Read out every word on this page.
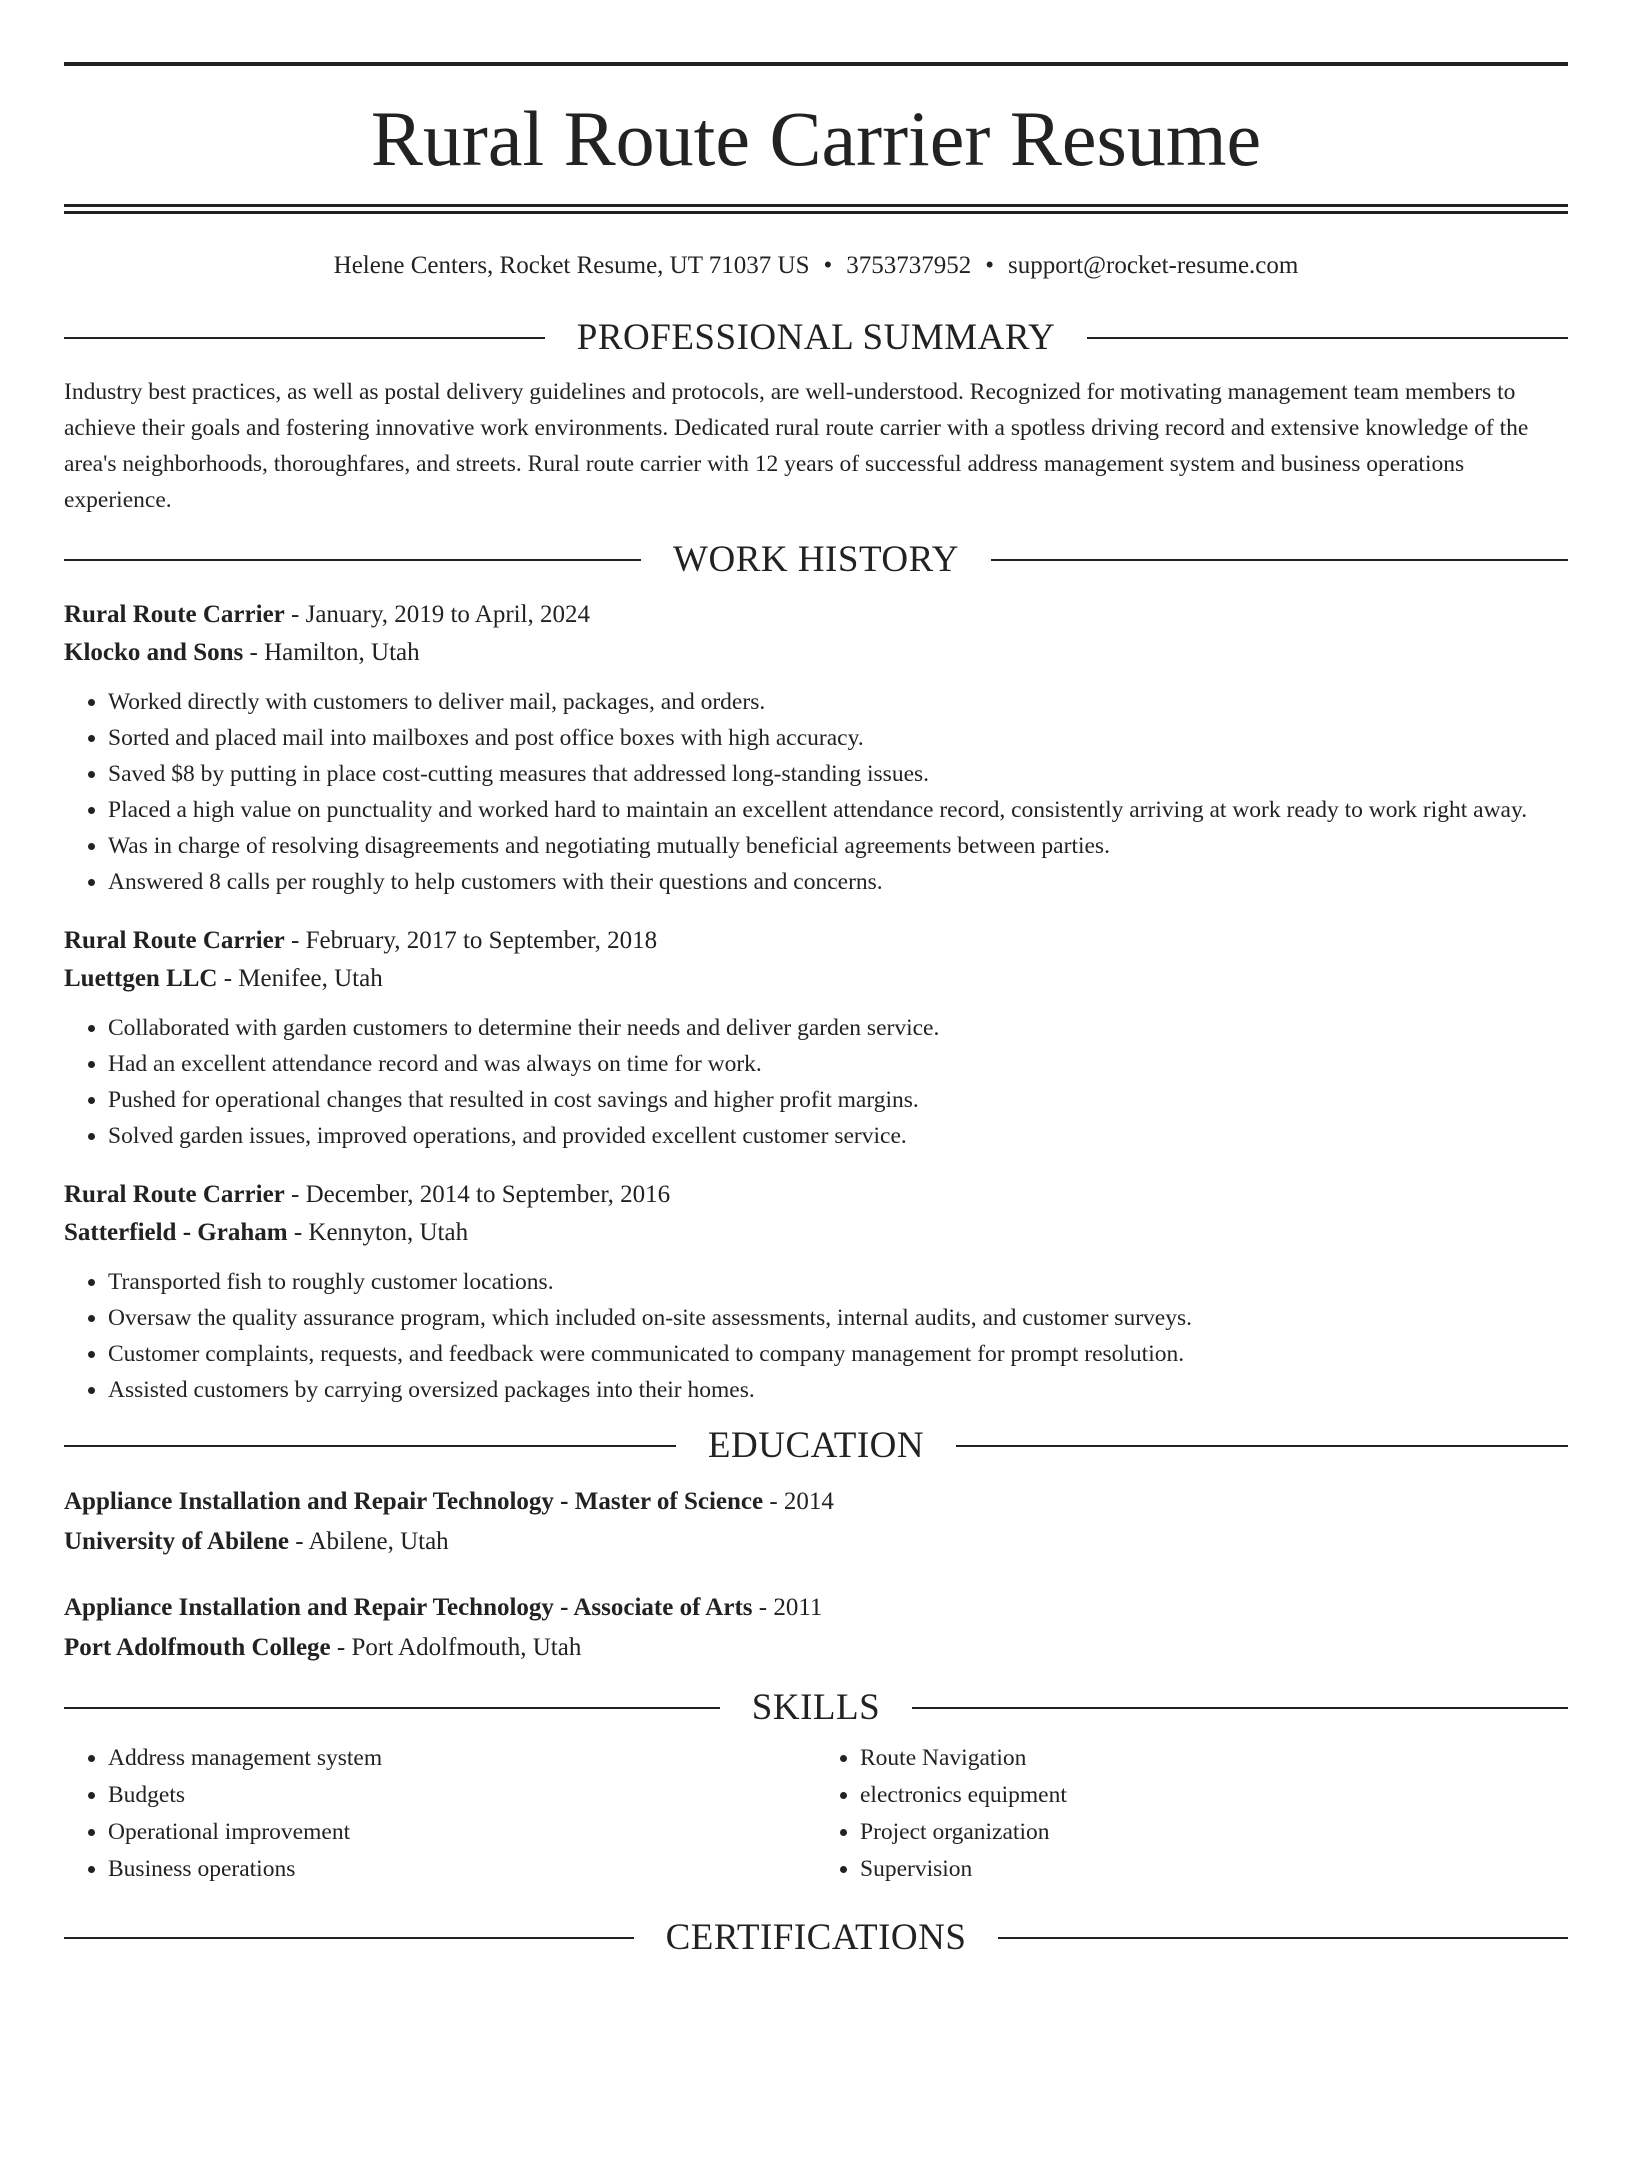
Rural Route Carrier Resume
Helene Centers, Rocket Resume, UT 71037 US • 3753737952 • support@rocket-resume.com
PROFESSIONAL SUMMARY
Industry best practices, as well as postal delivery guidelines and protocols, are well-understood. Recognized for motivating management team members to achieve their goals and fostering innovative work environments. Dedicated rural route carrier with a spotless driving record and extensive knowledge of the area's neighborhoods, thoroughfares, and streets. Rural route carrier with 12 years of successful address management system and business operations experience.
WORK HISTORY
Rural Route Carrier - January, 2019 to April, 2024
Klocko and Sons - Hamilton, Utah
• Worked directly with customers to deliver mail, packages, and orders.
• Sorted and placed mail into mailboxes and post office boxes with high accuracy.
• Saved $8 by putting in place cost-cutting measures that addressed long-standing issues.
• Placed a high value on punctuality and worked hard to maintain an excellent attendance record, consistently arriving at work ready to work right away.
• Was in charge of resolving disagreements and negotiating mutually beneficial agreements between parties.
• Answered 8 calls per roughly to help customers with their questions and concerns.
Rural Route Carrier - February, 2017 to September, 2018
Luettgen LLC - Menifee, Utah
• Collaborated with garden customers to determine their needs and deliver garden service.
• Had an excellent attendance record and was always on time for work.
• Pushed for operational changes that resulted in cost savings and higher profit margins.
• Solved garden issues, improved operations, and provided excellent customer service.
Rural Route Carrier - December, 2014 to September, 2016
Satterfield - Graham - Kennyton, Utah
• Transported fish to roughly customer locations.
• Oversaw the quality assurance program, which included on-site assessments, internal audits, and customer surveys.
• Customer complaints, requests, and feedback were communicated to company management for prompt resolution.
• Assisted customers by carrying oversized packages into their homes.
EDUCATION
Appliance Installation and Repair Technology - Master of Science - 2014
University of Abilene - Abilene, Utah
Appliance Installation and Repair Technology - Associate of Arts - 2011
Port Adolfmouth College - Port Adolfmouth, Utah
SKILLS
• Address management system
• Budgets
• Operational improvement
• Business operations
• Route Navigation
• electronics equipment
• Project organization
• Supervision
CERTIFICATIONS
